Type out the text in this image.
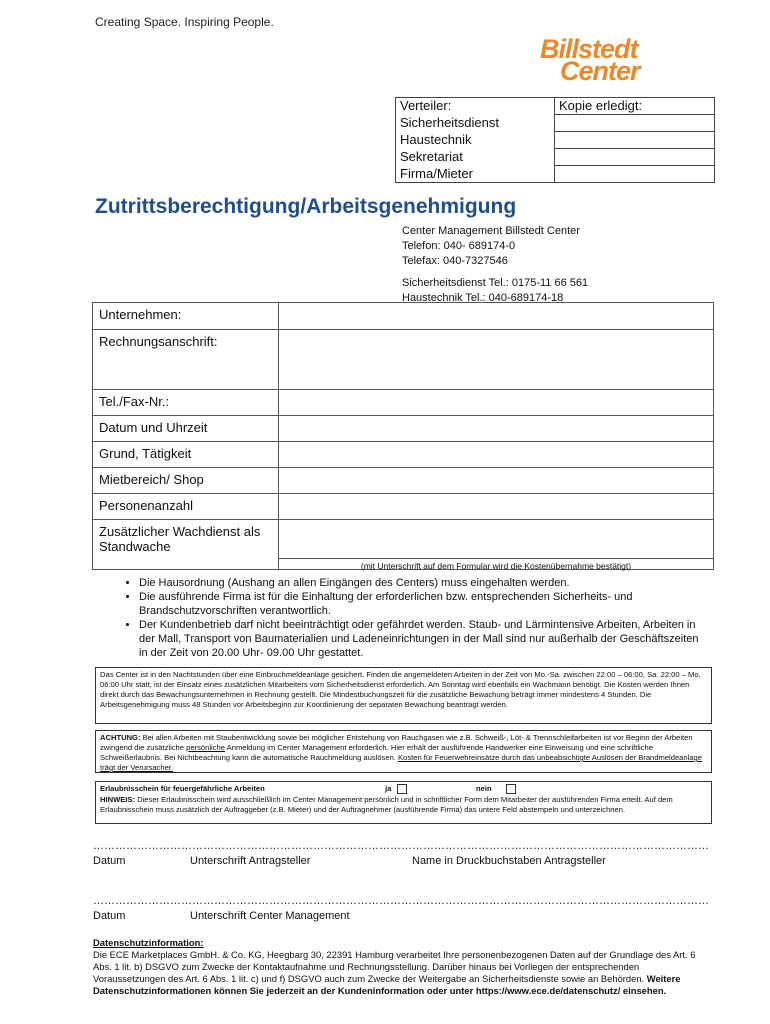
Creating Space. Inspiring People.
Billstedt
Center
Verteiler:	Kopie erledigt:
Sicherheitsdienst	
Haustechnik	
Sekretariat	
Firma/Mieter	
Zutrittsberechtigung/Arbeitsgenehmigung
Center Management Billstedt Center
Telefon: 040- 689174-0
Telefax: 040-7327546
Sicherheitsdienst Tel.: 0175-11 66 561
Haustechnik Tel.: 040-689174-18
Unternehmen:	
Rechnungsanschrift:	
Tel./Fax-Nr.:	
Datum und Uhrzeit	
Grund, Tätigkeit	
Mietbereich/ Shop	
Personenanzahl	
Zusätzlicher Wachdienst als Standwache	(mit Unterschrift auf dem Formular wird die Kostenübernahme bestätigt)
• Die Hausordnung (Aushang an allen Eingängen des Centers) muss eingehalten werden.
• Die ausführende Firma ist für die Einhaltung der erforderlichen bzw. entsprechenden Sicherheits- und Brandschutzvorschriften verantwortlich.
• Der Kundenbetrieb darf nicht beeinträchtigt oder gefährdet werden. Staub- und Lärmintensive Arbeiten, Arbeiten in der Mall, Transport von Baumaterialien und Ladeneinrichtungen in der Mall sind nur außerhalb der Geschäftszeiten in der Zeit von 20.00 Uhr- 09.00 Uhr gestattet.
Das Center ist in den Nachtstunden über eine Einbruchmeldeanlage gesichert. Finden die angemeldeten Arbeiten in der Zeit von Mo.-Sa. zwischen 22:00 – 06:00, Sa. 22:00 – Mo. 06:00 Uhr statt, ist der Einsatz eines zusätzlichen Mitarbeiters vom Sicherheitsdienst erforderlich. Am Sonntag wird ebenfalls ein Wachmann benötigt. Die Kosten werden Ihnen direkt durch das Bewachungsunternehmen in Rechnung gestellt. Die Mindestbuchungszeit für die zusätzliche Bewachung beträgt immer mindestens 4 Stunden. Die Arbeitsgenehmigung muss 48 Stunden vor Arbeitsbeginn zur Koordinierung der separaten Bewachung beantragt werden.
ACHTUNG: Bei allen Arbeiten mit Staubentwicklung sowie bei möglicher Entstehung von Rauchgasen wie z.B. Schweiß-, Löt- & Trennschleifarbeiten ist vor Beginn der Arbeiten zwingend die zusätzliche persönliche Anmeldung im Center Management erforderlich. Hier erhält der ausführende Handwerker eine Einweisung und eine schriftliche Schweißerlaubnis. Bei Nichtbeachtung kann die automatische Rauchmeldung auslösen. Kosten für Feuerwehreinsätze durch das unbeabsichtigte Auslösen der Brandmeldeanlage trägt der Verursacher.
Erlaubnisschein für feuergefährliche Arbeiten	ja	nein
HINWEIS: Dieser Erlaubnisschein wird ausschließlich im Center Management persönlich und in schriftlicher Form dem Mitarbeiter der ausführenden Firma erteilt. Auf dem Erlaubnisschein muss zusätzlich der Auftraggeber (z.B. Mieter) und der Auftragnehmer (ausführende Firma) das untere Feld abstempeln und unterzeichnen.
……………………………………………………………………………………………………………………………………………………
Datum	Unterschrift Antragsteller	Name in Druckbuchstaben Antragsteller
……………………………………………………………………………………………………………………………………………………
Datum	Unterschrift Center Management
Datenschutzinformation:
Die ECE Marketplaces GmbH. & Co. KG, Heegbarg 30, 22391 Hamburg verarbeitet Ihre personenbezogenen Daten auf der Grundlage des Art. 6 Abs. 1 lit. b) DSGVO zum Zwecke der Kontaktaufnahme und Rechnungsstellung. Darüber hinaus bei Vorliegen der entsprechenden Voraussetzungen des Art. 6 Abs. 1 lit. c) und f) DSGVO auch zum Zwecke der Weitergabe an Sicherheitsdienste sowie an Behörden. Weitere Datenschutzinformationen können Sie jederzeit an der Kundeninformation oder unter https://www.ece.de/datenschutz/ einsehen.
